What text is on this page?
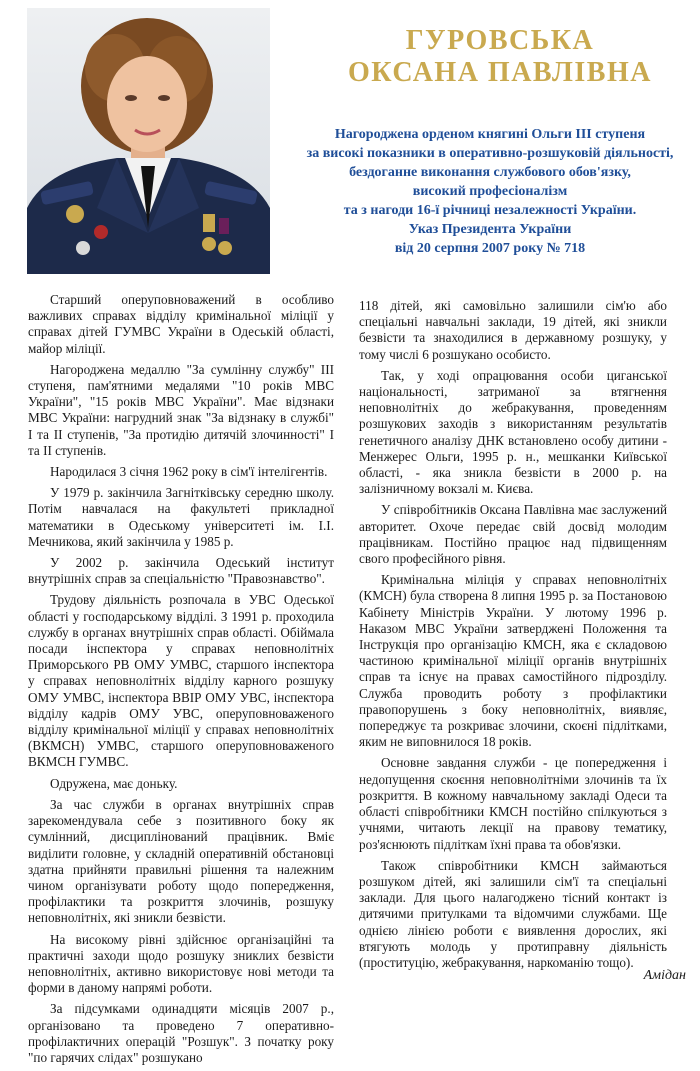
ГУРОВСЬКА
ОКСАНА ПАВЛІВНА
Нагороджена орденом княгині Ольги ІІІ ступеня
за високі показники в оперативно-розшуковій діяльності,
бездоганне виконання службового обов'язку,
високий професіоналізм
та з нагоди 16-ї річниці незалежності України.
Указ Президента України
від 20 серпня 2007 року № 718

Старший оперуповноважений в особливо важливих справах відділу кримінальної міліції у справах дітей ГУМВС України в Одеській області, майор міліції.

Нагороджена медаллю "За сумлінну службу" ІІІ ступеня, пам'ятними медалями "10 років МВС України", "15 років МВС України". Має відзнаки МВС України: нагрудний знак "За відзнаку в службі" І та ІІ ступенів, "За протидію дитячій злочинності" І та ІІ ступенів.

Народилася 3 січня 1962 року в сім'ї інтелігентів.

У 1979 р. закінчила Загнітківську середню школу. Потім навчалася на факультеті прикладної математики в Одеському університеті ім. І.І. Мечникова, який закінчила у 1985 р.

У 2002 р. закінчила Одеський інститут внутрішніх справ за спеціальністю "Правознавство".

Трудову діяльність розпочала в УВС Одеської області у господарському відділі. З 1991 р. проходила службу в органах внутрішніх справ області. Обіймала посади інспектора у справах неповнолітніх Приморського РВ ОМУ УМВС, старшого інспектора у справах неповнолітніх відділу карного розшуку ОМУ УМВС, інспектора ВВІР ОМУ УВС, інспектора відділу кадрів ОМУ УВС, оперуповноваженого відділу кримінальної міліції у справах неповнолітніх (ВКМСН) УМВС, старшого оперуповноваженого ВКМСН ГУМВС.

Одружена, має доньку.

За час служби в органах внутрішніх справ зарекомендувала себе з позитивного боку як сумлінний, дисциплінований працівник. Вміє виділити головне, у складній оперативній обстановці здатна прийняти правильні рішення та належним чином організувати роботу щодо попередження, профілактики та розкриття злочинів, розшуку неповнолітніх, які зникли безвісти.

На високому рівні здійснює організаційні та практичні заходи щодо розшуку зниклих безвісти неповнолітніх, активно використовує нові методи та форми в даному напрямі роботи.

За підсумками одинадцяти місяців 2007 р., організовано та проведено 7 оперативно-профілактичних операцій "Розшук". З початку року "по гарячих слідах" розшукано

118 дітей, які самовільно залишили сім'ю або спеціальні навчальні заклади, 19 дітей, які зникли безвісти та знаходилися в державному розшуку, у тому числі 6 розшукано особисто.

Так, у ході опрацювання особи циганської національності, затриманої за втягнення неповнолітніх до жебракування, проведенням розшукових заходів з використанням результатів генетичного аналізу ДНК встановлено особу дитини - Менжерес Ольги, 1995 р. н., мешканки Київської області, - яка зникла безвісти в 2000 р. на залізничному вокзалі м. Києва.

У співробітників Оксана Павлівна має заслужений авторитет. Охоче передає свій досвід молодим працівникам. Постійно працює над підвищенням свого професійного рівня.

Кримінальна міліція у справах неповнолітніх (КМСН) була створена 8 липня 1995 р. за Постановою Кабінету Міністрів України. У лютому 1996 р. Наказом МВС України затверджені Положення та Інструкція про організацію КМСН, яка є складовою частиною кримінальної міліції органів внутрішніх справ та існує на правах самостійного підрозділу. Служба проводить роботу з профілактики правопорушень з боку неповнолітніх, виявляє, попереджує та розкриває злочини, скоєні підлітками, яким не виповнилося 18 років.

Основне завдання служби - це попередження і недопущення скоєння неповнолітніми злочинів та їх розкриття. В кожному навчальному закладі Одеси та області співробітники КМСН постійно спілкуються з учнями, читають лекції на правову тематику, роз'яснюють підліткам їхні права та обов'язки.

Також співробітники КМСН займаються розшуком дітей, які залишили сім'ї та спеціальні заклади. Для цього налагоджено тісний контакт із дитячими притулками та відомчими службами. Ще однією лінією роботи є виявлення дорослих, які втягують молодь у протиправну діяльність (проституцію, жебракування, наркоманію тощо).

Амідан
